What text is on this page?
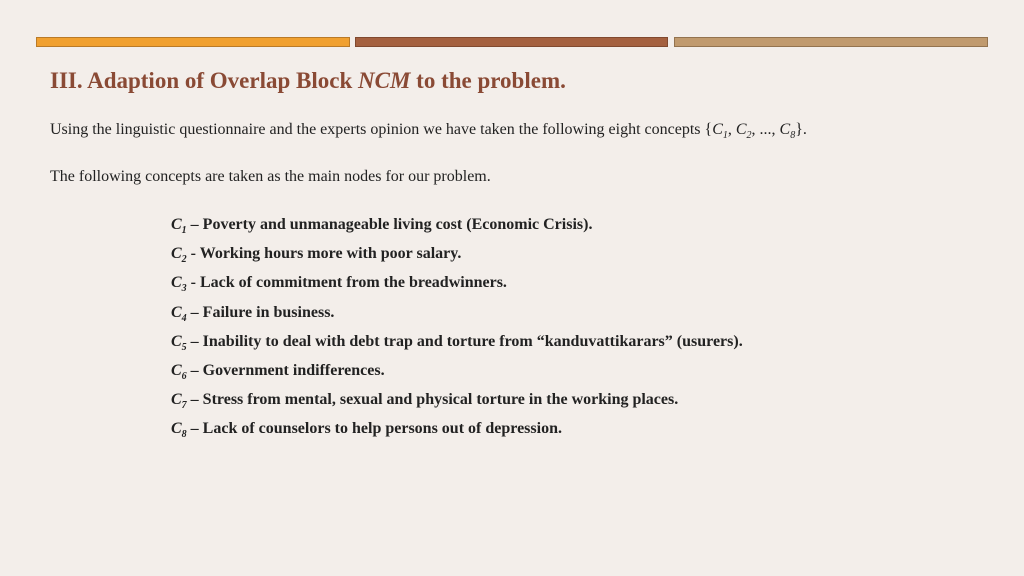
III. Adaption of Overlap Block NCM to the problem.
Using the linguistic questionnaire and the experts opinion we have taken the following eight concepts {$C_1$, $C_2$, ..., $C_8$}.
The following concepts are taken as the main nodes for our problem.
$C_1$ – Poverty and unmanageable living cost (Economic Crisis).
$C_2$ - Working hours more with poor salary.
$C_3$ - Lack of commitment from the breadwinners.
$C_4$ – Failure in business.
$C_5$ – Inability to deal with debt trap and torture from “kanduvattikarars” (usurers).
$C_6$ – Government indifferences.
$C_7$ – Stress from mental, sexual and physical torture in the working places.
$C_8$ – Lack of counselors to help persons out of depression.
